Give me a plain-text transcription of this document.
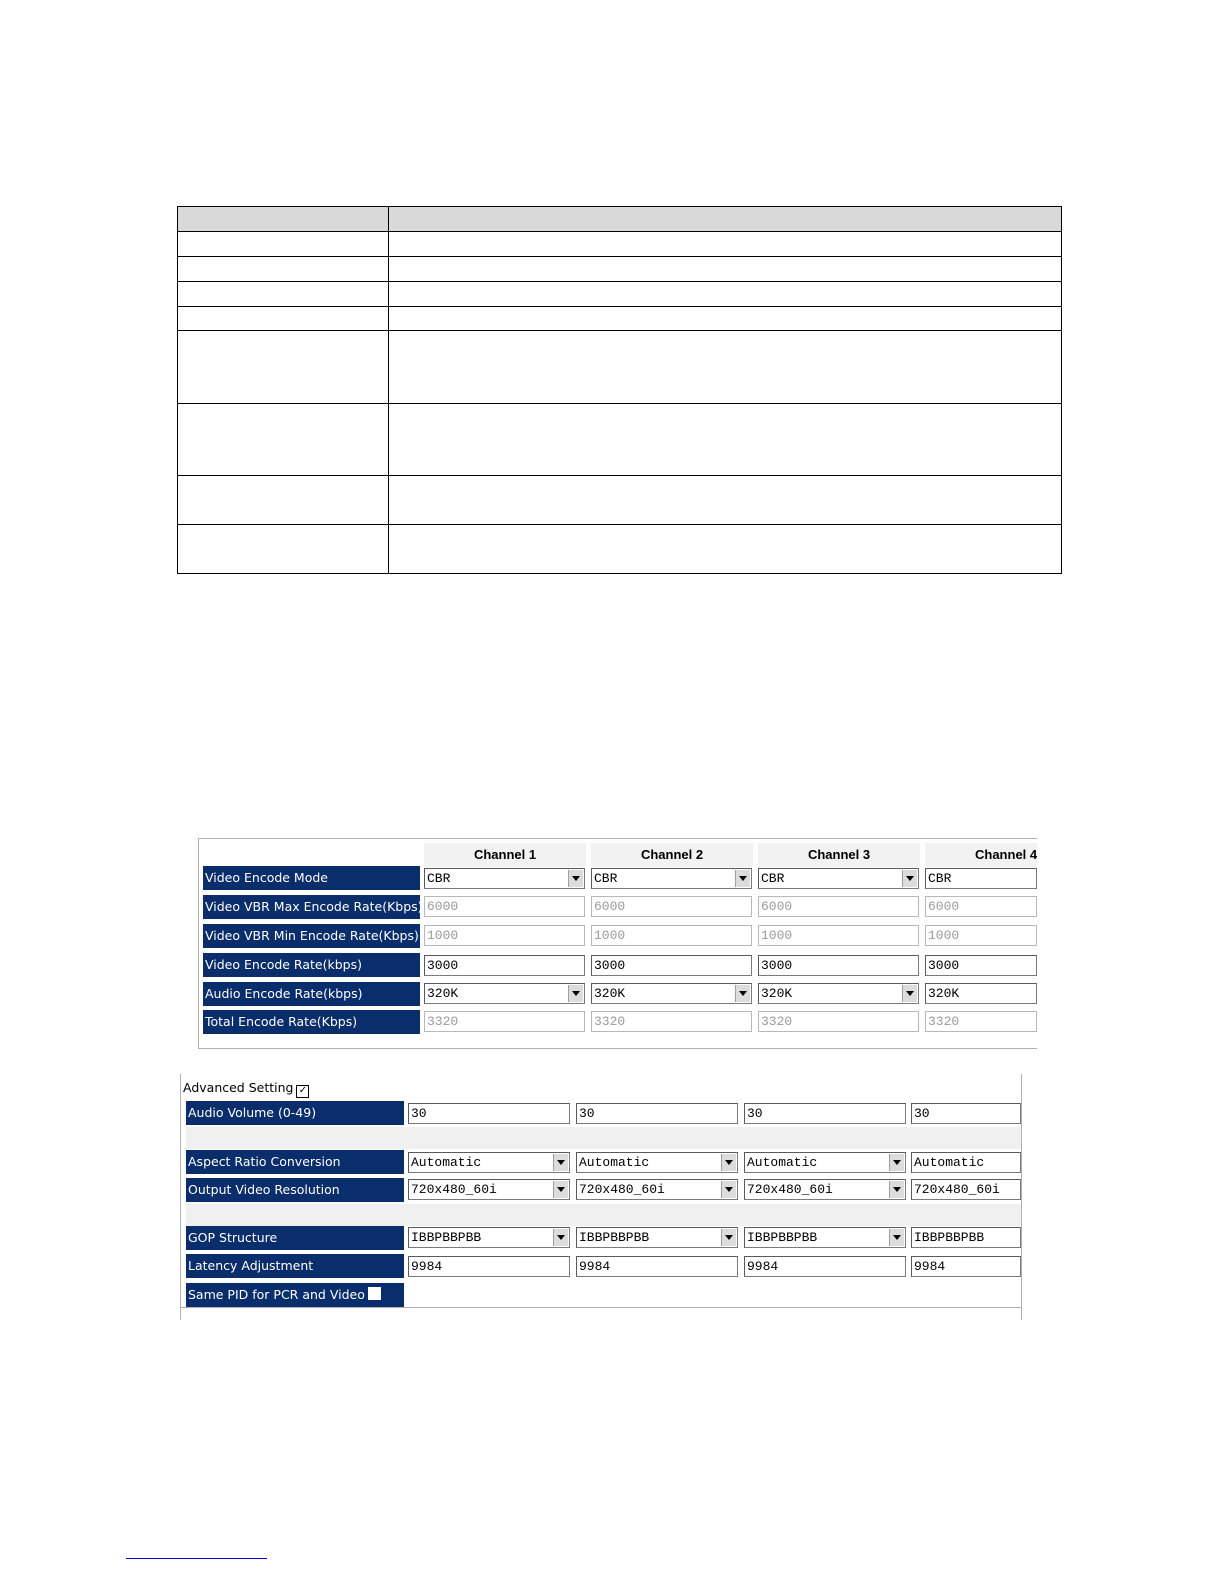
Channel 1	Channel 2	Channel 3	Channel 4
Video Encode Mode	CBR	CBR	CBR	CBR
Video VBR Max Encode Rate(Kbps) 6000	6000	6000	6000
Video VBR Min Encode Rate(Kbps) 1000	1000	1000	1000
Video Encode Rate(kbps)	3000	3000	3000	3000
Audio Encode Rate(kbps)	320K	320K	320K	320K
Total Encode Rate(Kbps)	3320	3320	3320	3320
Advanced Setting ✓
Audio Volume (0-49)	30	30	30	30
Aspect Ratio Conversion	Automatic	Automatic	Automatic	Automatic
Output Video Resolution	720x480_60i	720x480_60i	720x480_60i	720x480_60i
GOP Structure	IBBPBBPBB	IBBPBBPBB	IBBPBBPBB	IBBPBBPBB
Latency Adjustment	9984	9984	9984	9984
Same PID for PCR and Video
